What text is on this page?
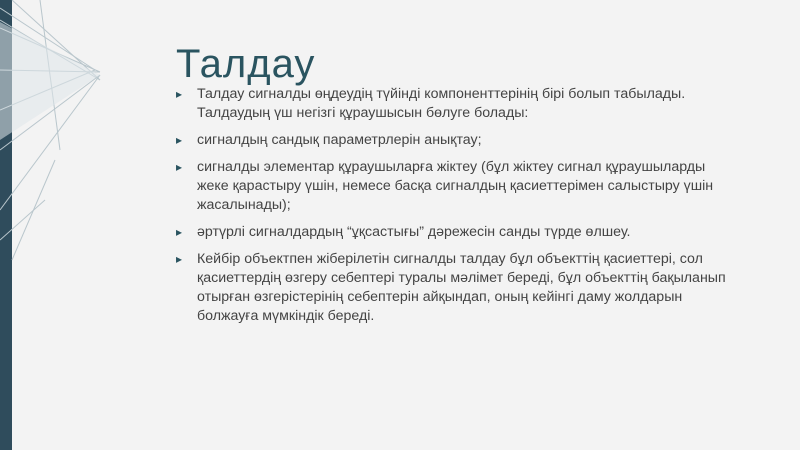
Талдау
▸ Талдау сигналды өңдеудің түйінді компоненттерінің бірі болып табылады. Талдаудың үш негізгі құраушысын бөлуге болады:
▸ сигналдың сандық параметрлерін анықтау;
▸ сигналды элементар құраушыларға жіктеу (бұл жіктеу сигнал құраушыларды жеке қарастыру үшін, немесе басқа сигналдың қасиеттерімен салыстыру үшін жасалынады);
▸ әртүрлі сигналдардың “ұқсастығы” дәрежесін санды түрде өлшеу.
▸ Кейбір объектпен жіберілетін сигналды талдау бұл объекттің қасиеттері, сол қасиеттердің өзгеру себептері туралы мәлімет береді, бұл объекттің бақыланып отырған өзгерістерінің себептерін айқындап, оның кейінгі даму жолдарын болжауға мүмкіндік береді.
